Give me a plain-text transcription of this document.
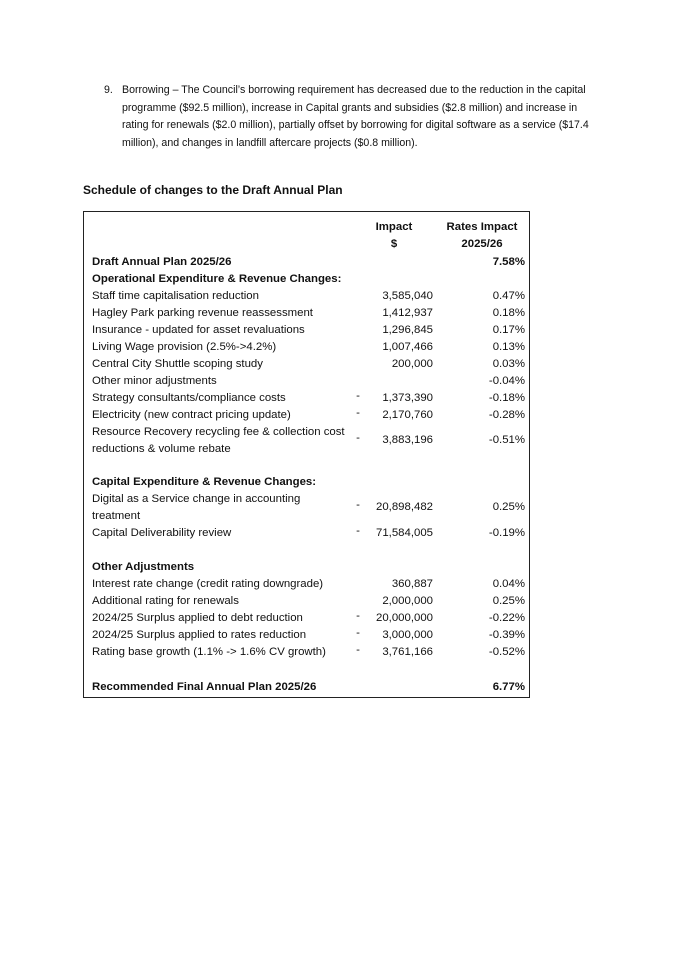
9. Borrowing – The Council’s borrowing requirement has decreased due to the reduction in the capital
programme ($92.5 million), increase in Capital grants and subsidies ($2.8 million) and increase in
rating for renewals ($2.0 million), partially offset by borrowing for digital software as a service ($17.4
million), and changes in landfill aftercare projects ($0.8 million).
Schedule of changes to the Draft Annual Plan
Impact
$
Rates Impact
2025/26
Draft Annual Plan 2025/26	7.58%
Operational Expenditure & Revenue Changes:
Staff time capitalisation reduction	3,585,040	0.47%
Hagley Park parking revenue reassessment	1,412,937	0.18%
Insurance - updated for asset revaluations	1,296,845	0.17%
Living Wage provision (2.5%->4.2%)	1,007,466	0.13%
Central City Shuttle scoping study	200,000	0.03%
Other minor adjustments	-0.04%
Strategy consultants/compliance costs	-	1,373,390	-0.18%
Electricity (new contract pricing update)	-	2,170,760	-0.28%
Resource Recovery recycling fee & collection cost
reductions & volume rebate
-	3,883,196	-0.51%
Capital Expenditure & Revenue Changes:
Digital as a Service change in accounting
treatment
-	20,898,482	0.25%
Capital Deliverability review	-	71,584,005	-0.19%
Other Adjustments
Interest rate change (credit rating downgrade)	360,887	0.04%
Additional rating for renewals	2,000,000	0.25%
2024/25 Surplus applied to debt reduction	-	20,000,000	-0.22%
2024/25 Surplus applied to rates reduction	-	3,000,000	-0.39%
Rating base growth (1.1% -> 1.6% CV growth)	-	3,761,166	-0.52%
Recommended Final Annual Plan 2025/26	6.77%
